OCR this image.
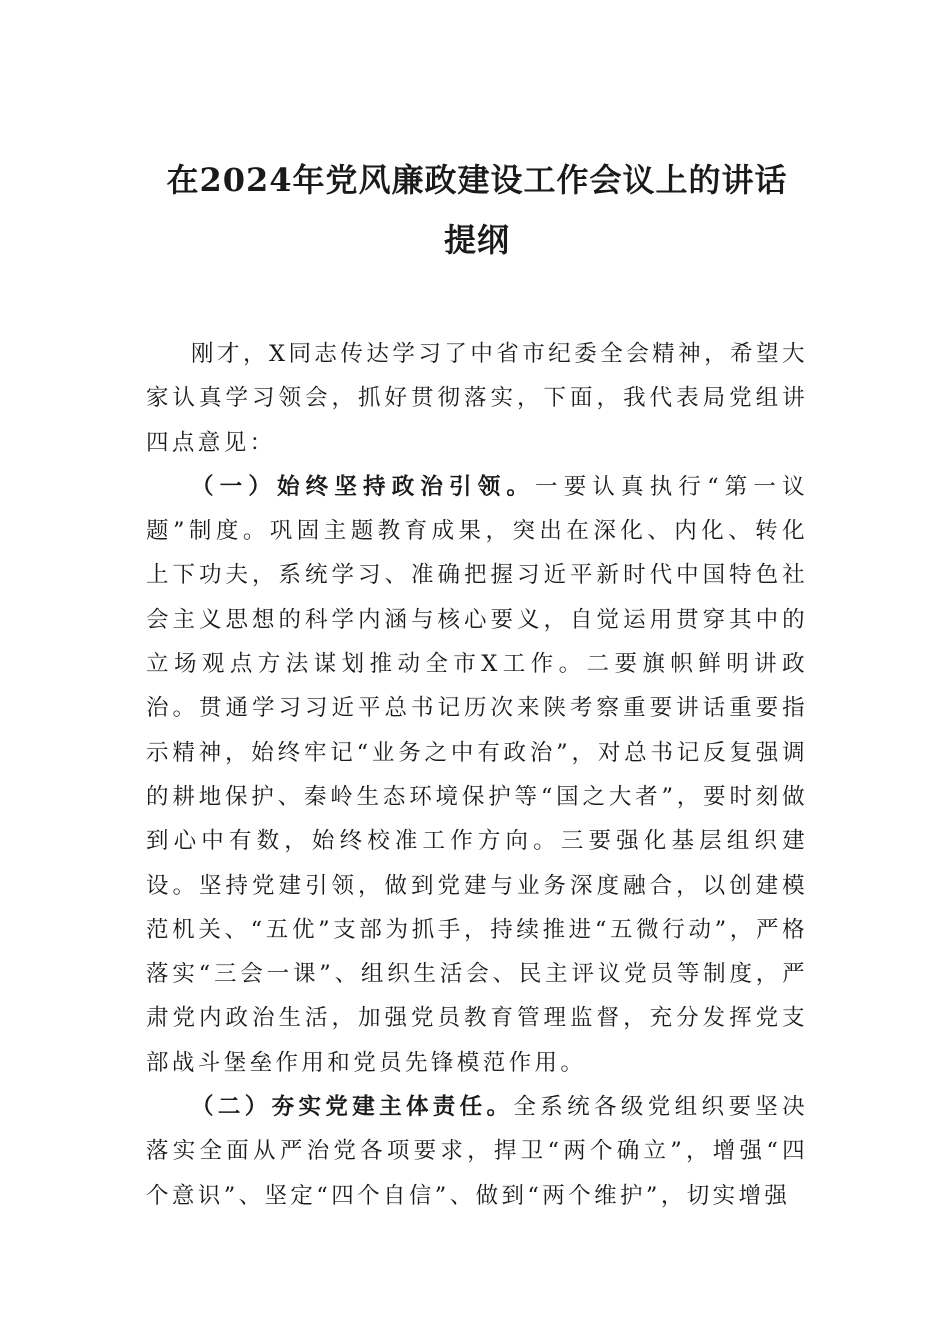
在2024年党风廉政建设工作会议上的讲话
提纲

刚才，X同志传达学习了中省市纪委全会精神，希望大家认真学习领会，抓好贯彻落实，下面，我代表局党组讲四点意见：

（一）始终坚持政治引领。一要认真执行“第一议题”制度。巩固主题教育成果，突出在深化、内化、转化上下功夫，系统学习、准确把握习近平新时代中国特色社会主义思想的科学内涵与核心要义，自觉运用贯穿其中的立场观点方法谋划推动全市X工作。二要旗帜鲜明讲政治。贯通学习习近平总书记历次来陕考察重要讲话重要指示精神，始终牢记“业务之中有政治”，对总书记反复强调的耕地保护、秦岭生态环境保护等“国之大者”，要时刻做到心中有数，始终校准工作方向。三要强化基层组织建设。坚持党建引领，做到党建与业务深度融合，以创建模范机关、“五优”支部为抓手，持续推进“五微行动”，严格落实“三会一课”、组织生活会、民主评议党员等制度，严肃党内政治生活，加强党员教育管理监督，充分发挥党支部战斗堡垒作用和党员先锋模范作用。

（二）夯实党建主体责任。全系统各级党组织要坚决落实全面从严治党各项要求，捍卫“两个确立”，增强“四个意识”、坚定“四个自信”、做到“两个维护”，切实增强
